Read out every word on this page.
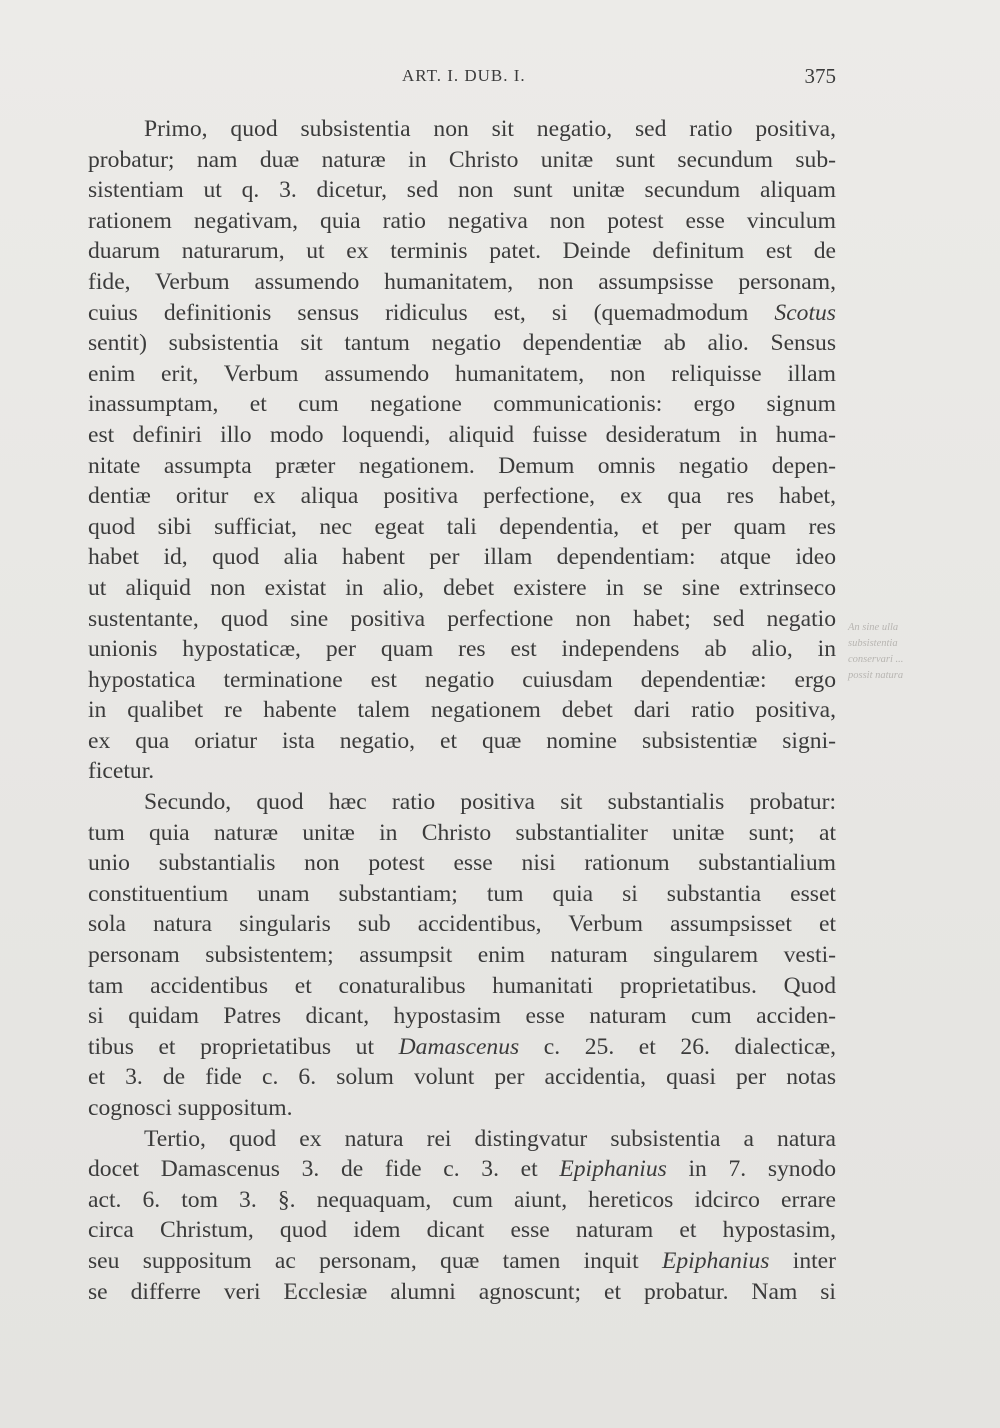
ART. I. DUB. I.	375
Primo, quod subsistentia non sit negatio, sed ratio positiva,
probatur; nam duæ naturæ in Christo unitæ sunt secundum sub-
sistentiam ut q. 3. dicetur, sed non sunt unitæ secundum aliquam
rationem negativam, quia ratio negativa non potest esse vinculum
duarum naturarum, ut ex terminis patet. Deinde definitum est de
fide, Verbum assumendo humanitatem, non assumpsisse personam,
cuius definitionis sensus ridiculus est, si (quemadmodum Scotus
sentit) subsistentia sit tantum negatio dependentiæ ab alio. Sensus
enim erit, Verbum assumendo humanitatem, non reliquisse illam
inassumptam, et cum negatione communicationis: ergo signum
est definiri illo modo loquendi, aliquid fuisse desideratum in huma-
nitate assumpta præter negationem. Demum omnis negatio depen-
dentiæ oritur ex aliqua positiva perfectione, ex qua res habet,
quod sibi sufficiat, nec egeat tali dependentia, et per quam res
habet id, quod alia habent per illam dependentiam: atque ideo
ut aliquid non existat in alio, debet existere in se sine extrinseco
sustentante, quod sine positiva perfectione non habet; sed negatio
unionis hypostaticæ, per quam res est independens ab alio, in
hypostatica terminatione est negatio cuiusdam dependentiæ: ergo
in qualibet re habente talem negationem debet dari ratio positiva,
ex qua oriatur ista negatio, et quæ nomine subsistentiæ signi-
ficetur.
Secundo, quod hæc ratio positiva sit substantialis probatur:
tum quia naturæ unitæ in Christo substantialiter unitæ sunt; at
unio substantialis non potest esse nisi rationum substantialium
constituentium unam substantiam; tum quia si substantia esset
sola natura singularis sub accidentibus, Verbum assumpsisset et
personam subsistentem; assumpsit enim naturam singularem vesti-
tam accidentibus et conaturalibus humanitati proprietatibus. Quod
si quidam Patres dicant, hypostasim esse naturam cum acciden-
tibus et proprietatibus ut Damascenus c. 25. et 26. dialecticæ,
et 3. de fide c. 6. solum volunt per accidentia, quasi per notas
cognosci suppositum.
Tertio, quod ex natura rei distingvatur subsistentia a natura
docet Damascenus 3. de fide c. 3. et Epiphanius in 7. synodo
act. 6. tom 3. §. nequaquam, cum aiunt, hereticos idcirco errare
circa Christum, quod idem dicant esse naturam et hypostasim,
seu suppositum ac personam, quæ tamen inquit Epiphanius inter
se differre veri Ecclesiæ alumni agnoscunt; et probatur. Nam si
An sine ulla
subsistentia
conservari ...
possit natura
